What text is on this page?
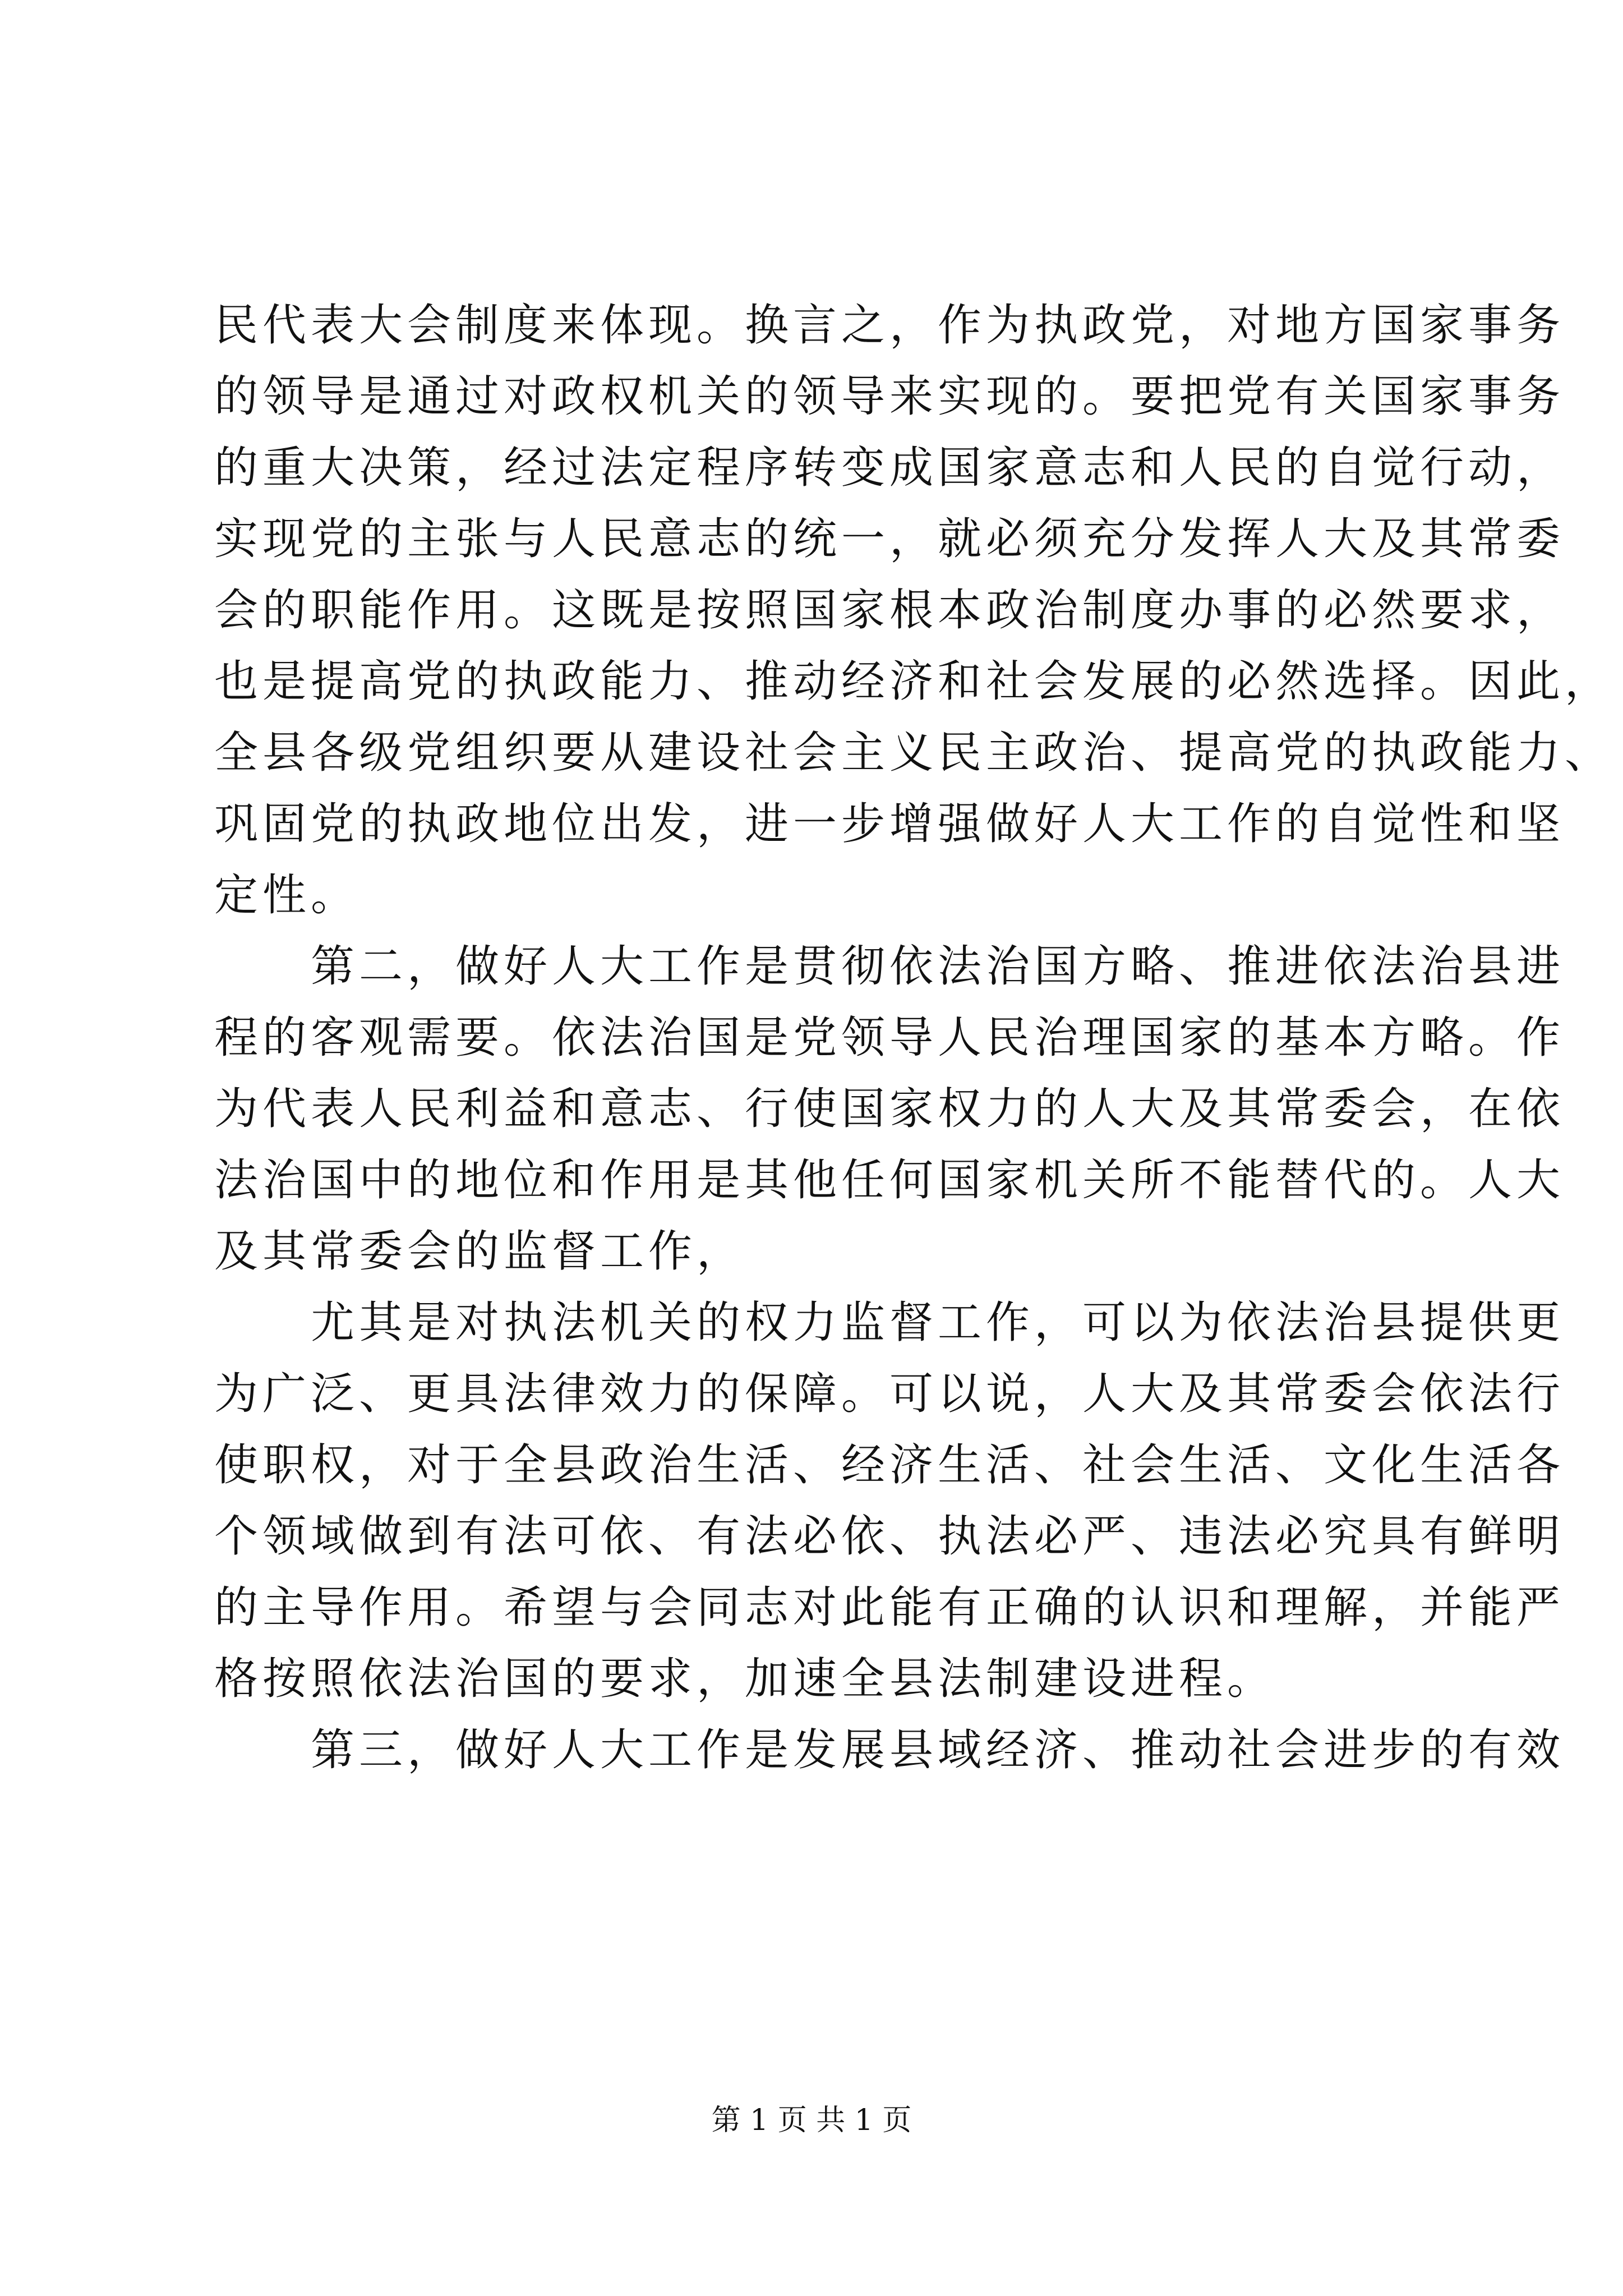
民代表大会制度来体现。换言之，作为执政党，对地方国家事务
的领导是通过对政权机关的领导来实现的。要把党有关国家事务
的重大决策，经过法定程序转变成国家意志和人民的自觉行动，
实现党的主张与人民意志的统一，就必须充分发挥人大及其常委
会的职能作用。这既是按照国家根本政治制度办事的必然要求，
也是提高党的执政能力、推动经济和社会发展的必然选择。因此，
全县各级党组织要从建设社会主义民主政治、提高党的执政能力、
巩固党的执政地位出发，进一步增强做好人大工作的自觉性和坚
定性。
　　第二，做好人大工作是贯彻依法治国方略、推进依法治县进
程的客观需要。依法治国是党领导人民治理国家的基本方略。作
为代表人民利益和意志、行使国家权力的人大及其常委会，在依
法治国中的地位和作用是其他任何国家机关所不能替代的。人大
及其常委会的监督工作，
　　尤其是对执法机关的权力监督工作，可以为依法治县提供更
为广泛、更具法律效力的保障。可以说，人大及其常委会依法行
使职权，对于全县政治生活、经济生活、社会生活、文化生活各
个领域做到有法可依、有法必依、执法必严、违法必究具有鲜明
的主导作用。希望与会同志对此能有正确的认识和理解，并能严
格按照依法治国的要求，加速全县法制建设进程。
　　第三，做好人大工作是发展县域经济、推动社会进步的有效
第 1 页 共 1 页
